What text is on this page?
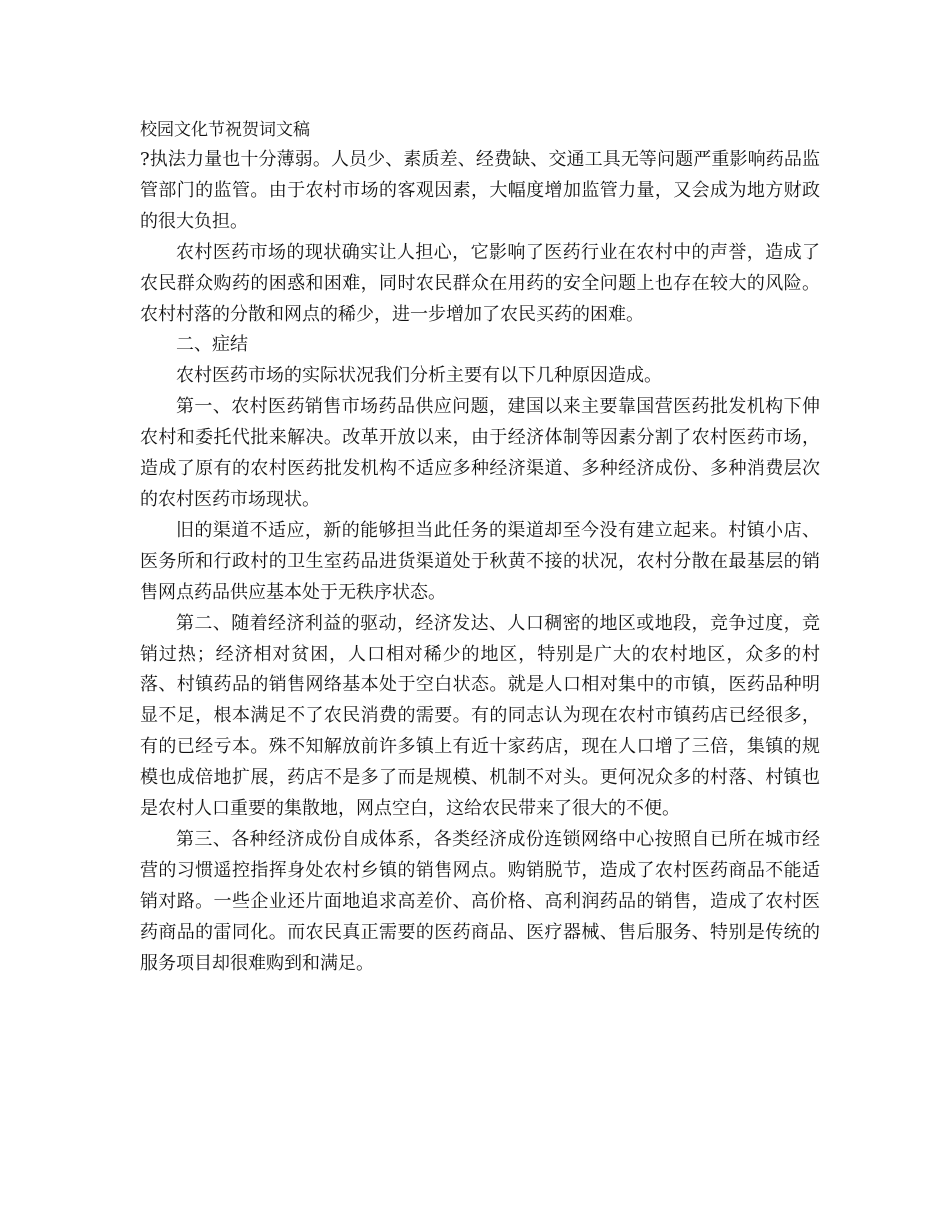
校园文化节祝贺词文稿

?执法力量也十分薄弱。人员少、素质差、经费缺、交通工具无等问题严重影响药品监管部门的监管。由于农村市场的客观因素，大幅度增加监管力量，又会成为地方财政的很大负担。

农村医药市场的现状确实让人担心，它影响了医药行业在农村中的声誉，造成了农民群众购药的困惑和困难，同时农民群众在用药的安全问题上也存在较大的风险。农村村落的分散和网点的稀少，进一步增加了农民买药的困难。

二、症结

农村医药市场的实际状况我们分析主要有以下几种原因造成。

第一、农村医药销售市场药品供应问题，建国以来主要靠国营医药批发机构下伸农村和委托代批来解决。改革开放以来，由于经济体制等因素分割了农村医药市场，造成了原有的农村医药批发机构不适应多种经济渠道、多种经济成份、多种消费层次的农村医药市场现状。

旧的渠道不适应，新的能够担当此任务的渠道却至今没有建立起来。村镇小店、医务所和行政村的卫生室药品进货渠道处于秋黄不接的状况，农村分散在最基层的销售网点药品供应基本处于无秩序状态。

第二、随着经济利益的驱动，经济发达、人口稠密的地区或地段，竞争过度，竞销过热；经济相对贫困，人口相对稀少的地区，特别是广大的农村地区，众多的村落、村镇药品的销售网络基本处于空白状态。就是人口相对集中的市镇，医药品种明显不足，根本满足不了农民消费的需要。有的同志认为现在农村市镇药店已经很多，有的已经亏本。殊不知解放前许多镇上有近十家药店，现在人口增了三倍，集镇的规模也成倍地扩展，药店不是多了而是规模、机制不对头。更何况众多的村落、村镇也是农村人口重要的集散地，网点空白，这给农民带来了很大的不便。

第三、各种经济成份自成体系，各类经济成份连锁网络中心按照自已所在城市经营的习惯遥控指挥身处农村乡镇的销售网点。购销脱节，造成了农村医药商品不能适销对路。一些企业还片面地追求高差价、高价格、高利润药品的销售，造成了农村医药商品的雷同化。而农民真正需要的医药商品、医疗器械、售后服务、特别是传统的服务项目却很难购到和满足。
